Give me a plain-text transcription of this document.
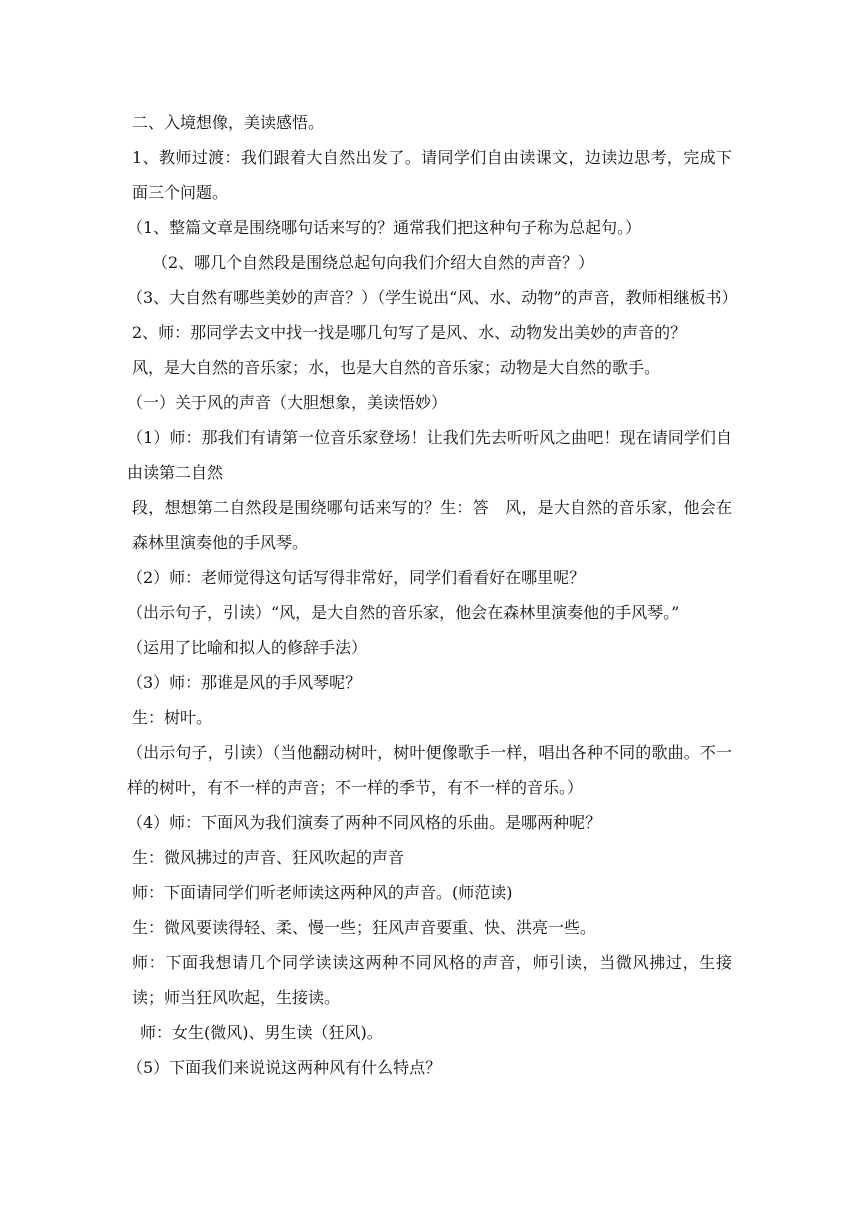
二、入境想像，美读感悟。

1、教师过渡：我们跟着大自然出发了。请同学们自由读课文，边读边思考，完成下面三个问题。

（1、整篇文章是围绕哪句话来写的？通常我们把这种句子称为总起句。）

（2、哪几个自然段是围绕总起句向我们介绍大自然的声音？）

（3、大自然有哪些美妙的声音？）（学生说出“风、水、动物”的声音，教师相继板书）

2、师：那同学去文中找一找是哪几句写了是风、水、动物发出美妙的声音的？

风，是大自然的音乐家；水，也是大自然的音乐家；动物是大自然的歌手。

（一）关于风的声音（大胆想象，美读悟妙）

（1）师：那我们有请第一位音乐家登场！让我们先去听听风之曲吧！现在请同学们自由读第二自然

段，想想第二自然段是围绕哪句话来写的？生：答　风，是大自然的音乐家，他会在森林里演奏他的手风琴。

（2）师：老师觉得这句话写得非常好，同学们看看好在哪里呢？

（出示句子，引读）“风，是大自然的音乐家，他会在森林里演奏他的手风琴。”

（运用了比喻和拟人的修辞手法）

（3）师：那谁是风的手风琴呢？

生：树叶。

（出示句子，引读）（当他翻动树叶，树叶便像歌手一样，唱出各种不同的歌曲。不一样的树叶，有不一样的声音；不一样的季节，有不一样的音乐。）

（4）师：下面风为我们演奏了两种不同风格的乐曲。是哪两种呢？

生：微风拂过的声音、狂风吹起的声音

师：下面请同学们听老师读这两种风的声音。(师范读)

生：微风要读得轻、柔、慢一些；狂风声音要重、快、洪亮一些。

师：下面我想请几个同学读读这两种不同风格的声音，师引读，当微风拂过，生接读；师当狂风吹起，生接读。

师：女生(微风)、男生读（狂风)。

（5）下面我们来说说这两种风有什么特点？
